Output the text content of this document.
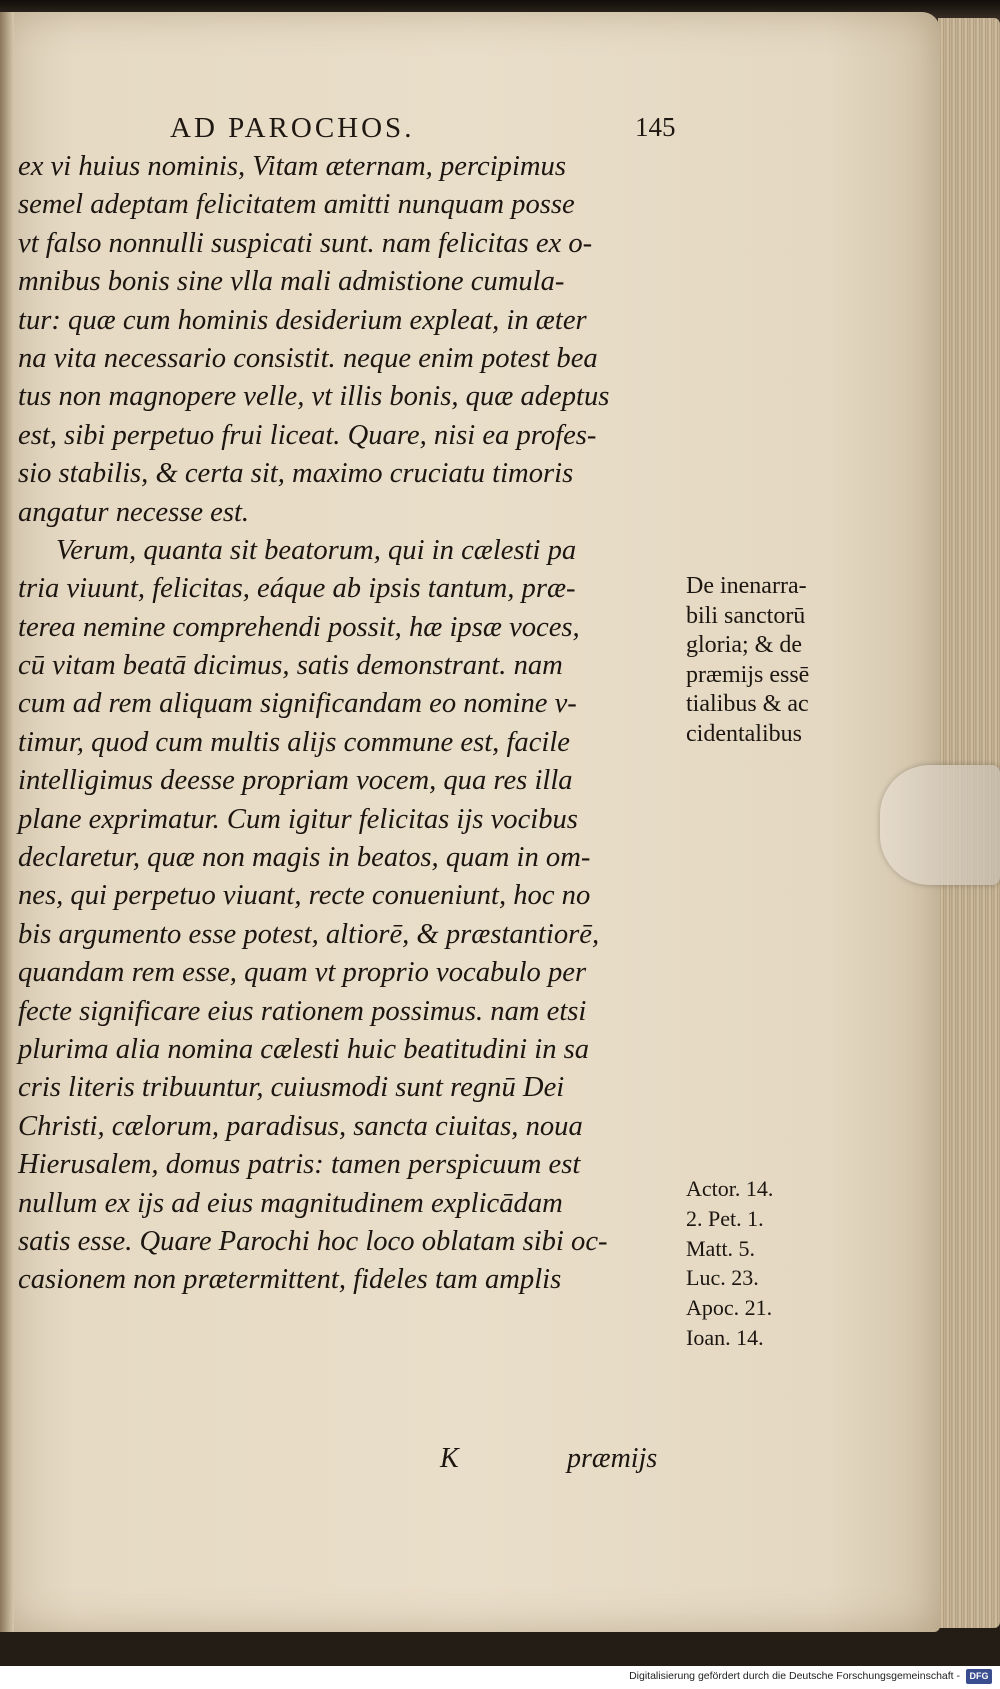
AD PAROCHOS.	145
ex vi huius nominis, Vitam æternam, percipimus
semel adeptam felicitatem amitti nunquam posse
vt falso nonnulli suspicati sunt. nam felicitas ex o-
mnibus bonis sine vlla mali admistione cumula-
tur: quæ cum hominis desiderium expleat, in æter
na vita necessario consistit. neque enim potest bea
tus non magnopere velle, vt illis bonis, quæ adeptus
est, sibi perpetuo frui liceat. Quare, nisi ea profes-
sio stabilis, & certa sit, maximo cruciatu timoris
angatur necesse est.
Verum, quanta sit beatorum, qui in cælesti pa
tria viuunt, felicitas, eáque ab ipsis tantum, præ-
terea nemine comprehendi possit, hæ ipsæ voces,
cū vitam beatā dicimus, satis demonstrant. nam
cum ad rem aliquam significandam eo nomine v-
timur, quod cum multis alijs commune est, facile
intelligimus deesse propriam vocem, qua res illa
plane exprimatur. Cum igitur felicitas ijs vocibus
declaretur, quæ non magis in beatos, quam in om-
nes, qui perpetuo viuant, recte conueniunt, hoc no
bis argumento esse potest, altiorē, & præstantiorē,
quandam rem esse, quam vt proprio vocabulo per
fecte significare eius rationem possimus. nam etsi
plurima alia nomina cælesti huic beatitudini in sa
cris literis tribuuntur, cuiusmodi sunt regnū Dei
Christi, cælorum, paradisus, sancta ciuitas, noua
Hierusalem, domus patris: tamen perspicuum est
nullum ex ijs ad eius magnitudinem explicādam
satis esse. Quare Parochi hoc loco oblatam sibi oc-
casionem non prætermittent, fideles tam amplis
De inenarra-
bili sanctorū
gloria; & de
præmijs essē
tialibus & ac
cidentalibus
Actor. 14.
2. Pet. 1.
Matt. 5.
Luc. 23.
Apoc. 21.
Ioan. 14.
K	præmijs
Digitalisierung gefördert durch die Deutsche Forschungsgemeinschaft -	DFG
